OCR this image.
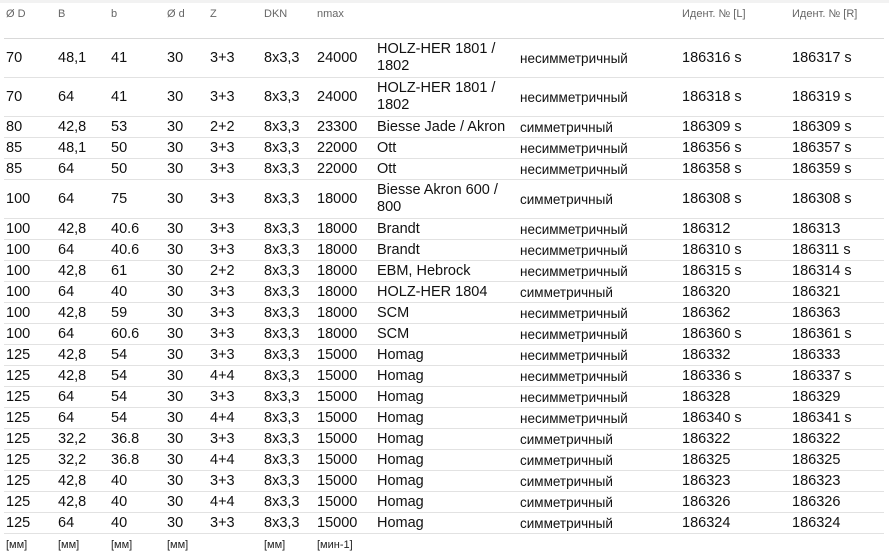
Ø D	B	b	Ø d	Z	DKN	nmax			Идент. № [L]	Идент. № [R]
70	48,1	41	30	3+3	8x3,3	24000	HOLZ-HER 1801 / 1802	несимметричный	186316 s	186317 s
70	64	41	30	3+3	8x3,3	24000	HOLZ-HER 1801 / 1802	несимметричный	186318 s	186319 s
80	42,8	53	30	2+2	8x3,3	23300	Biesse Jade / Akron	симметричный	186309 s	186309 s
85	48,1	50	30	3+3	8x3,3	22000	Ott	несимметричный	186356 s	186357 s
85	64	50	30	3+3	8x3,3	22000	Ott	несимметричный	186358 s	186359 s
100	64	75	30	3+3	8x3,3	18000	Biesse Akron 600 / 800	симметричный	186308 s	186308 s
100	42,8	40.6	30	3+3	8x3,3	18000	Brandt	несимметричный	186312	186313
100	64	40.6	30	3+3	8x3,3	18000	Brandt	несимметричный	186310 s	186311 s
100	42,8	61	30	2+2	8x3,3	18000	EBM, Hebrock	несимметричный	186315 s	186314 s
100	64	40	30	3+3	8x3,3	18000	HOLZ-HER 1804	симметричный	186320	186321
100	42,8	59	30	3+3	8x3,3	18000	SCM	несимметричный	186362	186363
100	64	60.6	30	3+3	8x3,3	18000	SCM	несимметричный	186360 s	186361 s
125	42,8	54	30	3+3	8x3,3	15000	Homag	несимметричный	186332	186333
125	42,8	54	30	4+4	8x3,3	15000	Homag	несимметричный	186336 s	186337 s
125	64	54	30	3+3	8x3,3	15000	Homag	несимметричный	186328	186329
125	64	54	30	4+4	8x3,3	15000	Homag	несимметричный	186340 s	186341 s
125	32,2	36.8	30	3+3	8x3,3	15000	Homag	симметричный	186322	186322
125	32,2	36.8	30	4+4	8x3,3	15000	Homag	симметричный	186325	186325
125	42,8	40	30	3+3	8x3,3	15000	Homag	симметричный	186323	186323
125	42,8	40	30	4+4	8x3,3	15000	Homag	симметричный	186326	186326
125	64	40	30	3+3	8x3,3	15000	Homag	симметричный	186324	186324
[мм]	[мм]	[мм]	[мм]		[мм]	[мин-1]				
